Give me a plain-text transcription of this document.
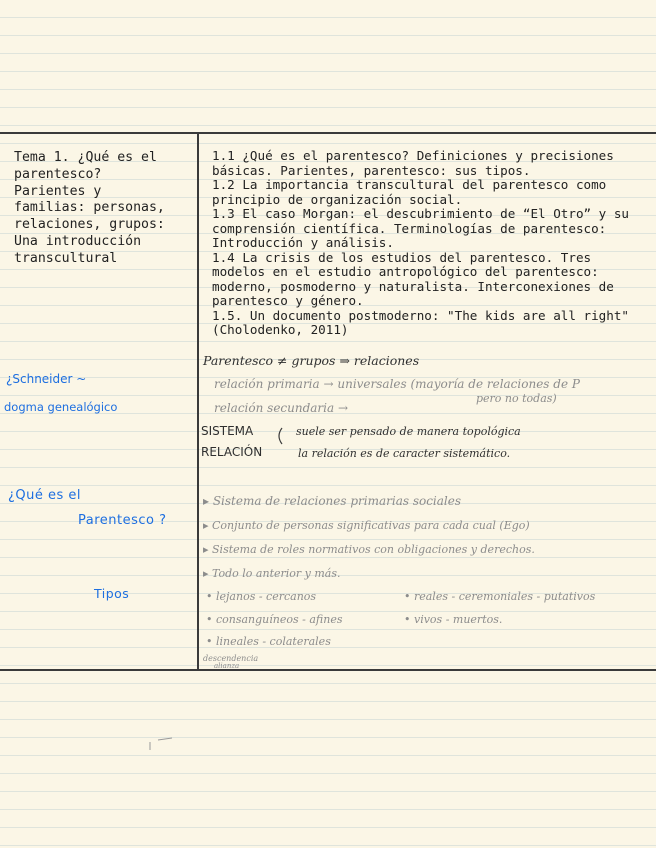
Tema 1. ¿Qué es el
parentesco?
Parientes y
familias: personas,
relaciones, grupos:
Una introducción
transcultural
1.1 ¿Qué es el parentesco? Definiciones y precisiones
básicas. Parientes, parentesco: sus tipos.
1.2 La importancia transcultural del parentesco como
principio de organización social.
1.3 El caso Morgan: el descubrimiento de “El Otro” y su
comprensión científica. Terminologías de parentesco:
Introducción y análisis.
1.4 La crisis de los estudios del parentesco. Tres
modelos en el estudio antropológico del parentesco:
moderno, posmoderno y naturalista. Interconexiones de
parentesco y género.
1.5. Un documento postmoderno: "The kids are all right"
(Cholodenko, 2011)
¿Schneider ~
dogma genealógico
¿Qué es el
Parentesco ?
Tipos
Parentesco ≠ grupos ⇒ relaciones
relación primaria → universales (mayoría de relaciones de P
pero no todas)
relación secundaria →
SISTEMA	suele ser pensado de manera topológica
RELACIÓN	la relación es de caracter sistemático.
▸ Sistema de relaciones primarias sociales
▸ Conjunto de personas significativas para cada cual (Ego)
▸ Sistema de roles normativos con obligaciones y derechos.
▸ Todo lo anterior y más.
• lejanos - cercanos
• consanguíneos - afines
• lineales - colaterales
• reales - ceremoniales - putativos
• vivos - muertos.
descendencia
alianza
